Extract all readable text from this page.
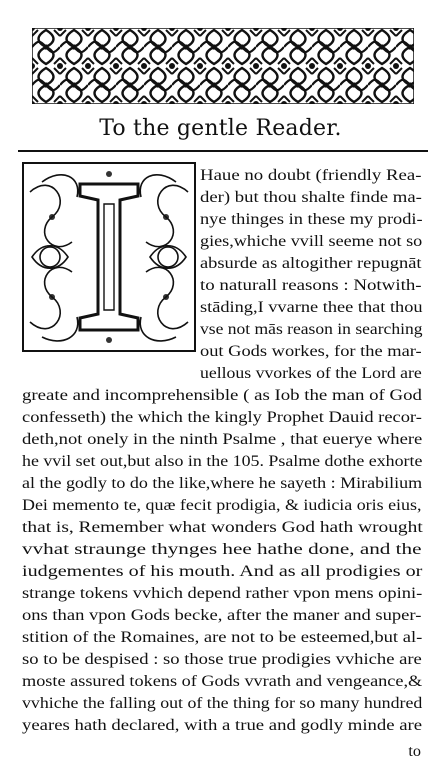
To the gentle Reader.
Haue no doubt (friendly Rea-
der) but thou shalte finde ma-
nye thinges in these my prodi-
gies,whiche vvill seeme not so
absurde as altogither repugnāt
to naturall reasons : Notwith-
stāding,I vvarne thee that thou
vse not mās reason in searching
out Gods workes, for the mar-
uellous vvorkes of the Lord are
greate and incomprehensible ( as Iob the man of God
confesseth) the which the kingly Prophet Dauid recor-
deth,not onely in the ninth Psalme , that euerye where
he vvil set out,but also in the 105. Psalme dothe exhorte
al the godly to do the like,where he sayeth : Mirabilium
Dei memento te, quæ fecit prodigia, & iudicia oris eius,
that is, Remember what wonders God hath wrought
vvhat straunge thynges hee hathe done, and the
iudgementes of his mouth. And as all prodigies or
strange tokens vvhich depend rather vpon mens opini-
ons than vpon Gods becke, after the maner and super-
stition of the Romaines, are not to be esteemed,but al-
so to be despised : so those true prodigies vvhiche are
moste assured tokens of Gods vvrath and vengeance,&
vvhiche the falling out of the thing for so many hundred
yeares hath declared, with a true and godly minde are
to
